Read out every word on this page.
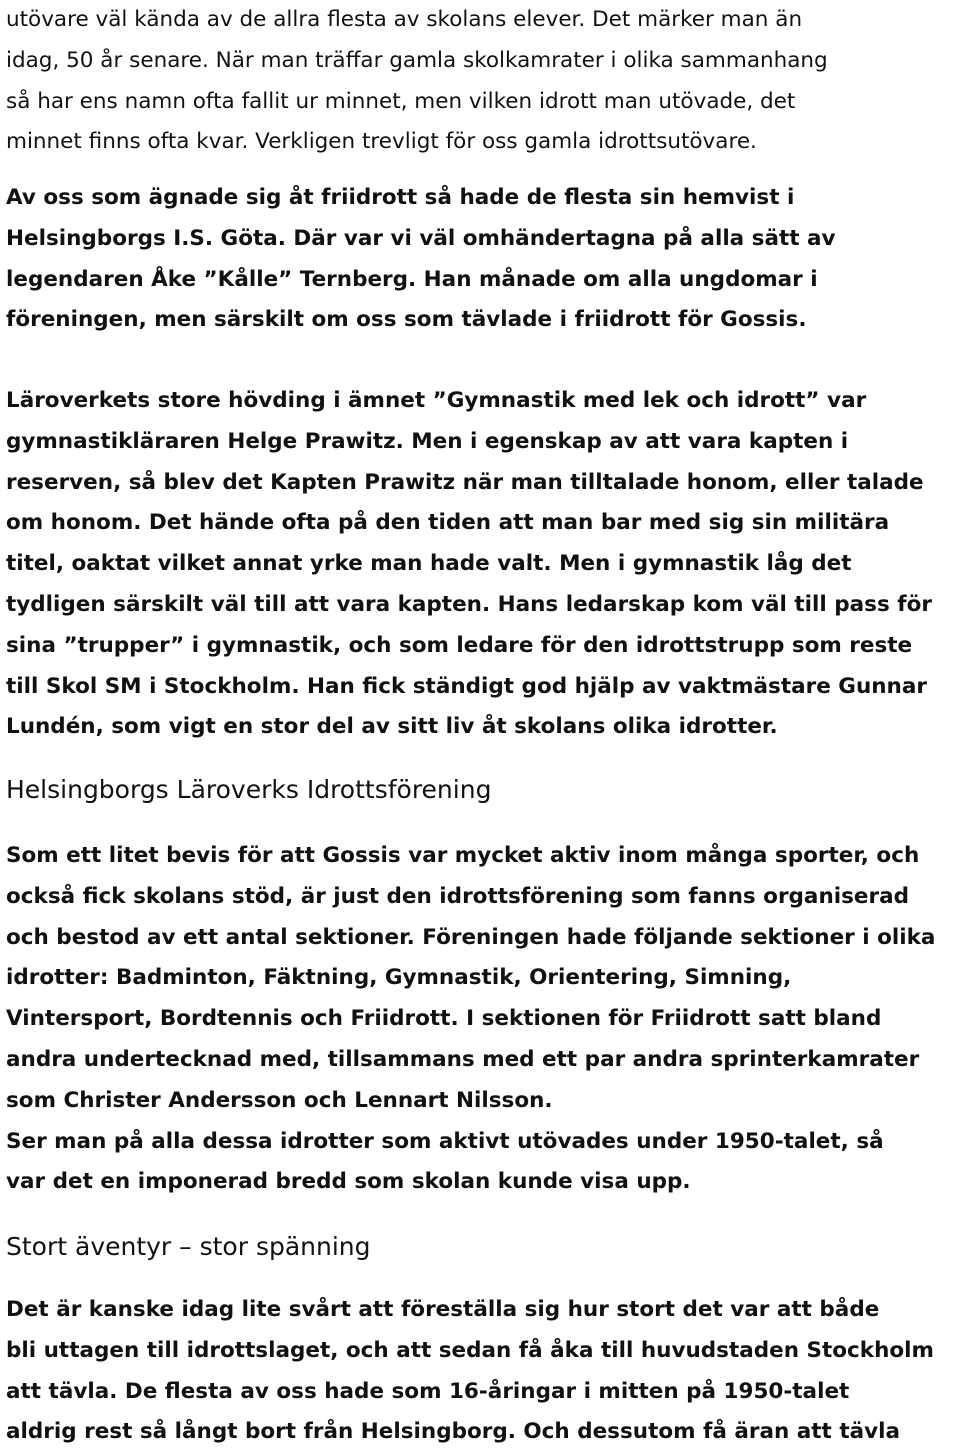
utövare väl kända av de allra flesta av skolans elever. Det märker man än
idag, 50 år senare. När man träffar gamla skolkamrater i olika sammanhang
så har ens namn ofta fallit ur minnet, men vilken idrott man utövade, det
minnet finns ofta kvar. Verkligen trevligt för oss gamla idrottsutövare.
Av oss som ägnade sig åt friidrott så hade de flesta sin hemvist i
Helsingborgs I.S. Göta. Där var vi väl omhändertagna på alla sätt av
legendaren Åke ”Kålle” Ternberg. Han månade om alla ungdomar i
föreningen, men särskilt om oss som tävlade i friidrott för Gossis.
Läroverkets store hövding i ämnet ”Gymnastik med lek och idrott” var
gymnastikläraren Helge Prawitz. Men i egenskap av att vara kapten i
reserven, så blev det Kapten Prawitz när man tilltalade honom, eller talade
om honom. Det hände ofta på den tiden att man bar med sig sin militära
titel, oaktat vilket annat yrke man hade valt. Men i gymnastik låg det
tydligen särskilt väl till att vara kapten. Hans ledarskap kom väl till pass för
sina ”trupper” i gymnastik, och som ledare för den idrottstrupp som reste
till Skol SM i Stockholm. Han fick ständigt god hjälp av vaktmästare Gunnar
Lundén, som vigt en stor del av sitt liv åt skolans olika idrotter.
Helsingborgs Läroverks Idrottsförening
Som ett litet bevis för att Gossis var mycket aktiv inom många sporter, och
också fick skolans stöd, är just den idrottsförening som fanns organiserad
och bestod av ett antal sektioner. Föreningen hade följande sektioner i olika
idrotter: Badminton, Fäktning, Gymnastik, Orientering, Simning,
Vintersport, Bordtennis och Friidrott. I sektionen för Friidrott satt bland
andra undertecknad med, tillsammans med ett par andra sprinterkamrater
som Christer Andersson och Lennart Nilsson.
Ser man på alla dessa idrotter som aktivt utövades under 1950-talet, så
var det en imponerad bredd som skolan kunde visa upp.
Stort äventyr – stor spänning
Det är kanske idag lite svårt att föreställa sig hur stort det var att både
bli uttagen till idrottslaget, och att sedan få åka till huvudstaden Stockholm
att tävla. De flesta av oss hade som 16-åringar i mitten på 1950-talet
aldrig rest så långt bort från Helsingborg. Och dessutom få äran att tävla
